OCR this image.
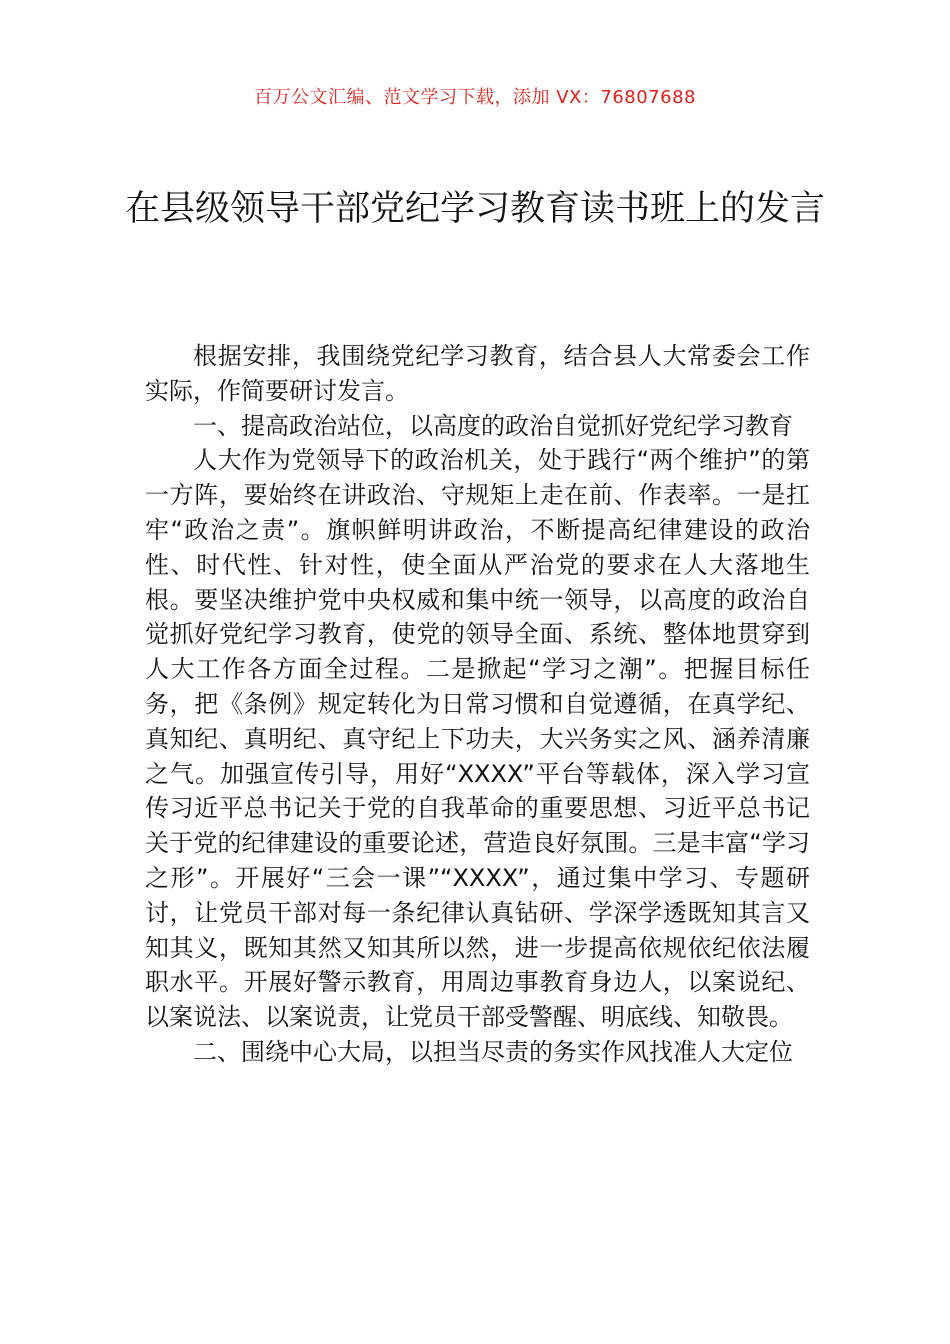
百万公文汇编、范文学习下载，添加 VX：76807688
在县级领导干部党纪学习教育读书班上的发言

根据安排，我围绕党纪学习教育，结合县人大常委会工作实际，作简要研讨发言。

一、提高政治站位，以高度的政治自觉抓好党纪学习教育

人大作为党领导下的政治机关，处于践行“两个维护”的第一方阵，要始终在讲政治、守规矩上走在前、作表率。一是扛牢“政治之责”。旗帜鲜明讲政治，不断提高纪律建设的政治性、时代性、针对性，使全面从严治党的要求在人大落地生根。要坚决维护党中央权威和集中统一领导，以高度的政治自觉抓好党纪学习教育，使党的领导全面、系统、整体地贯穿到人大工作各方面全过程。二是掀起“学习之潮”。把握目标任务，把《条例》规定转化为日常习惯和自觉遵循，在真学纪、真知纪、真明纪、真守纪上下功夫，大兴务实之风、涵养清廉之气。加强宣传引导，用好“XXXX”平台等载体，深入学习宣传习近平总书记关于党的自我革命的重要思想、习近平总书记关于党的纪律建设的重要论述，营造良好氛围。三是丰富“学习之形”。开展好“三会一课”“XXXX”，通过集中学习、专题研讨，让党员干部对每一条纪律认真钻研、学深学透既知其言又知其义，既知其然又知其所以然，进一步提高依规依纪依法履职水平。开展好警示教育，用周边事教育身边人，以案说纪、以案说法、以案说责，让党员干部受警醒、明底线、知敬畏。

二、围绕中心大局，以担当尽责的务实作风找准人大定位
